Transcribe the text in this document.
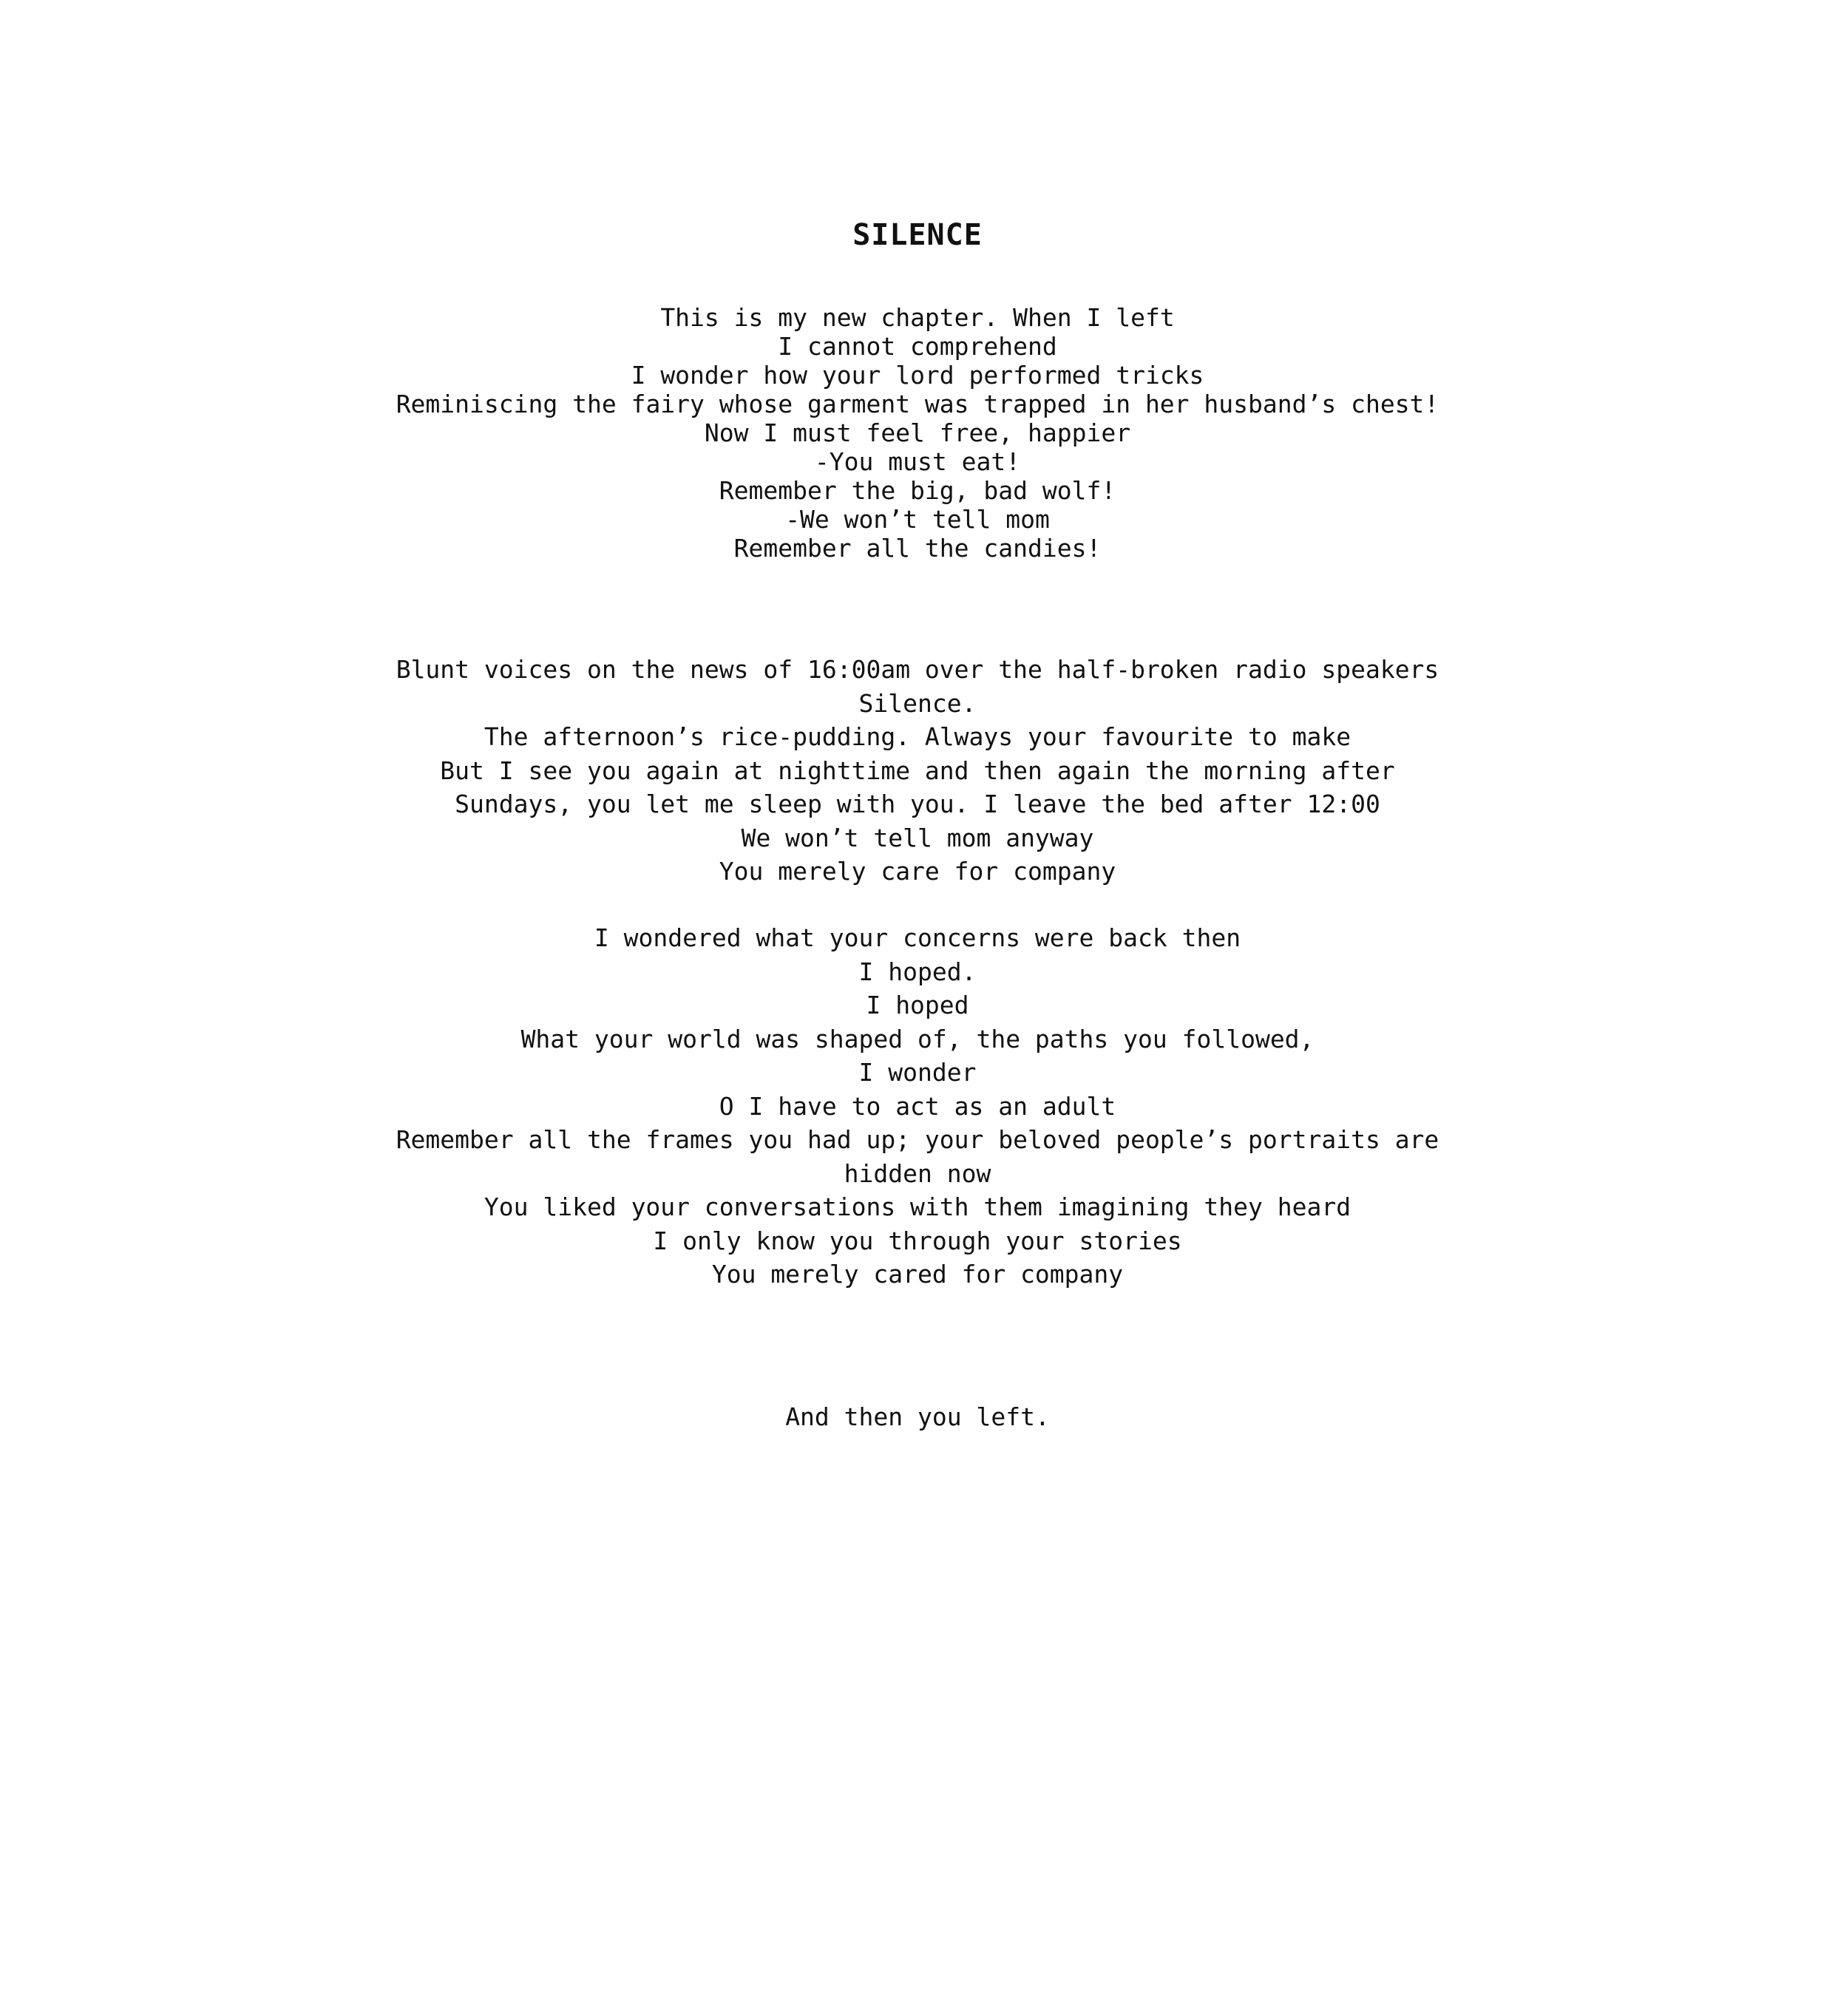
SILENCE
This is my new chapter. When I left
I cannot comprehend
I wonder how your lord performed tricks
Reminiscing the fairy whose garment was trapped in her husband’s chest!
Now I must feel free, happier
-You must eat!
Remember the big, bad wolf!
-We won’t tell mom
Remember all the candies!
Blunt voices on the news of 16:00am over the half-broken radio speakers
Silence.
The afternoon’s rice-pudding. Always your favourite to make
But I see you again at nighttime and then again the morning after
Sundays, you let me sleep with you. I leave the bed after 12:00
We won’t tell mom anyway
You merely care for company
I wondered what your concerns were back then
I hoped.
I hoped
What your world was shaped of, the paths you followed,
I wonder
O I have to act as an adult
Remember all the frames you had up; your beloved people’s portraits are
hidden now
You liked your conversations with them imagining they heard
I only know you through your stories
You merely cared for company
And then you left.
